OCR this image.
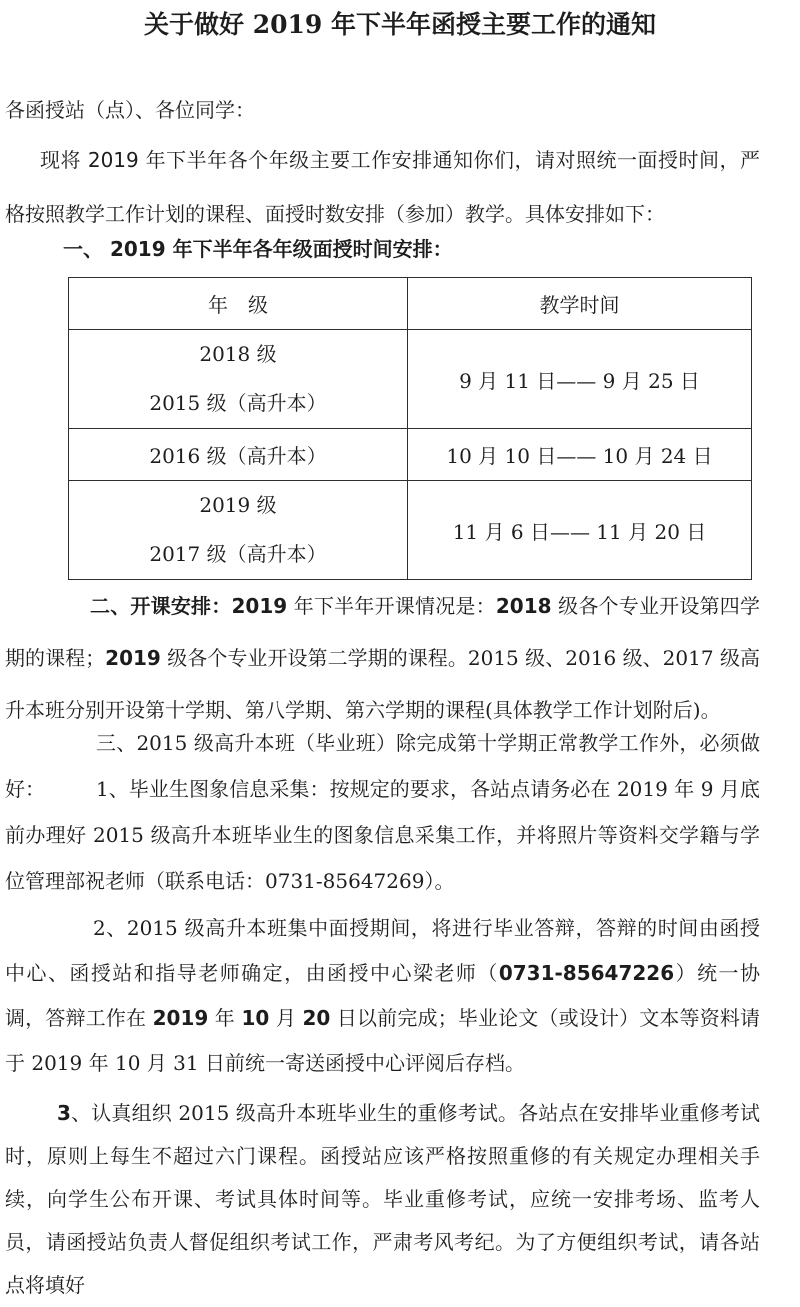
关于做好 2019 年下半年函授主要工作的通知
各函授站（点）、各位同学：
现将 2019 年下半年各个年级主要工作安排通知你们，请对照统一面授时间，严格按照教学工作计划的课程、面授时数安排（参加）教学。具体安排如下：
一、 2019 年下半年各年级面授时间安排：
年　级	教学时间

2018 级
2015 级（高升本）	9 月 11 日—— 9 月 25 日

2016 级（高升本）	10 月 10 日—— 10 月 24 日

2019 级
2017 级（高升本）	11 月 6 日—— 11 月 20 日
二、开课安排：2019 年下半年开课情况是：2018 级各个专业开设第四学期的课程；2019 级各个专业开设第二学期的课程。2015 级、2016 级、2017 级高升本班分别开设第十学期、第八学期、第六学期的课程(具体教学工作计划附后)。
三、2015 级高升本班（毕业班）除完成第十学期正常教学工作外，必须做好：	1、毕业生图象信息采集：按规定的要求，各站点请务必在 2019 年 9 月底前办理好 2015 级高升本班毕业生的图象信息采集工作，并将照片等资料交学籍与学位管理部祝老师（联系电话：0731-85647269）。
2、2015 级高升本班集中面授期间，将进行毕业答辩，答辩的时间由函授中心、函授站和指导老师确定，由函授中心梁老师（0731-85647226）统一协调，答辩工作在 2019 年 10 月 20 日以前完成；毕业论文（或设计）文本等资料请于 2019 年 10 月 31 日前统一寄送函授中心评阅后存档。
3、认真组织 2015 级高升本班毕业生的重修考试。各站点在安排毕业重修考试时，原则上每生不超过六门课程。函授站应该严格按照重修的有关规定办理相关手续，向学生公布开课、考试具体时间等。毕业重修考试，应统一安排考场、监考人员，请函授站负责人督促组织考试工作，严肃考风考纪。为了方便组织考试，请各站点将填好
